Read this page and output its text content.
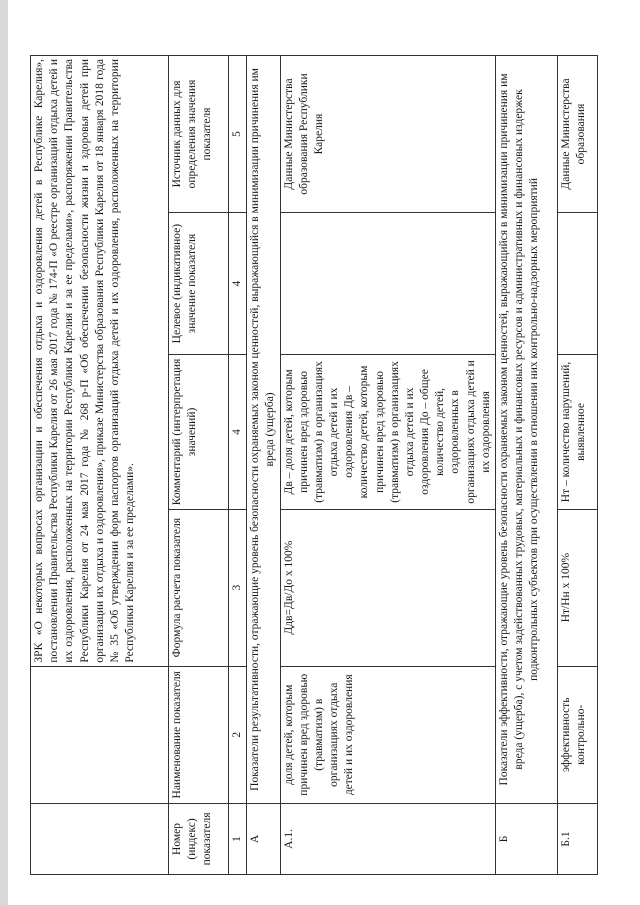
		ЗРК «О некоторых вопросах организации и обеспечения отдыха и оздоровления детей в Республике Карелия», постановлении Правительства Республики Карелия от 26 мая 2017 года № 174-П «О реестре организаций отдыха детей и их оздоровления, расположенных на территории Республики Карелия и за ее пределами», распоряжении Правительства Республики Карелия от 24 мая 2017 года № 268 р-П «Об обеспечении безопасности жизни и здоровья детей при организации их отдыха и оздоровления», приказе Министерства образования Республики Карелия от 18 января 2018 года № 35 «Об утверждении форм паспортов организаций отдыха детей и их оздоровления, расположенных на территории Республики Карелия и за ее пределами».			
Номер (индекс) показателя	Наименование показателя	Формула расчета показателя	Комментарий (интерпретация значений)	Целевое (индикативное) значение показателя	Источник данных для определения значения показателя
1	2	3	4	4	5
А	Показатели результативности, отражающие уровень безопасности охраняемых законом ценностей, выражающийся в минимизации причинения им вреда (ущерба)				
А.1.	доля детей, которым причинен вред здоровью (травматизм) в организациях отдыха детей и их оздоровления	Ддв=Дв/До х 100%	Дв – доля детей, которым причинен вред здоровью (травматизм) в организациях отдыха детей и их оздоровления Дв – количество детей, которым причинен вред здоровью (травматизм) в организациях отдыха детей и их оздоровления До – общее количество детей, оздоровленных в организациях отдыха детей и их оздоровления		Данные Министерства образования Республики Карелия
Б	Показатели эффективности, отражающие уровень безопасности охраняемых законом ценностей, выражающийся в минимизации причинения им вреда (ущерба), с учетом задействованных трудовых, материальных и финансовых ресурсов и административных и финансовых издержек подконтрольных субъектов при осуществлении в отношении них контрольно-надзорных мероприятий				
Б.1	эффективность контрольно-	Нт/Нн х 100%	Нт – количество нарушений, выявленное		Данные Министерства образования
